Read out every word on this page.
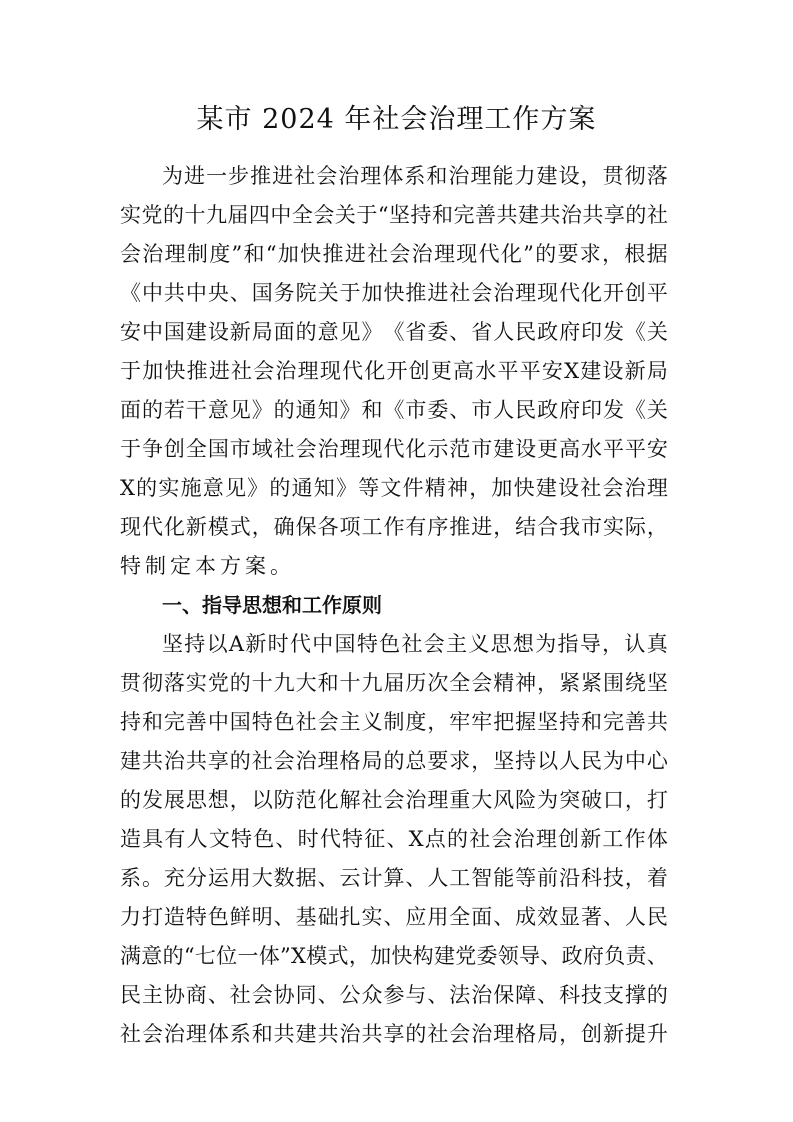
某市 2024 年社会治理工作方案
为 进 一 步 推 进 社 会 治 理 体 系 和 治 理 能 力 建 设 ， 贯 彻 落
实 党 的 十 九 届 四 中 全 会 关 于 “ 坚 持 和 完 善 共 建 共 治 共 享 的 社
会 治 理 制 度 ” 和 “ 加 快 推 进 社 会 治 理 现 代 化 ” 的 要 求 ， 根 据
《 中 共 中 央 、 国 务 院 关 于 加 快 推 进 社 会 治 理 现 代 化 开 创 平
安 中 国 建 设 新 局 面 的 意 见 》 《 省 委 、 省 人 民 政 府 印 发 《 关
于 加 快 推 进 社 会 治 理 现 代 化 开 创 更 高 水 平 平 安 X 建 设 新 局
面 的 若 干 意 见 》 的 通 知 》 和 《 市 委 、 市 人 民 政 府 印 发 《 关
于 争 创 全 国 市 域 社 会 治 理 现 代 化 示 范 市 建 设 更 高 水 平 平 安
X 的 实 施 意 见 》 的 通 知 》 等 文 件 精 神 ， 加 快 建 设 社 会 治 理
现 代 化 新 模 式 ， 确 保 各 项 工 作 有 序 推 进 ， 结 合 我 市 实 际 ，
特 制 定 本 方 案 。
一、指导思想和工作原则
坚 持 以 A 新 时 代 中 国 特 色 社 会 主 义 思 想 为 指 导 ， 认 真
贯 彻 落 实 党 的 十 九 大 和 十 九 届 历 次 全 会 精 神 ， 紧 紧 围 绕 坚
持 和 完 善 中 国 特 色 社 会 主 义 制 度 ， 牢 牢 把 握 坚 持 和 完 善 共
建 共 治 共 享 的 社 会 治 理 格 局 的 总 要 求 ， 坚 持 以 人 民 为 中 心
的 发 展 思 想 ， 以 防 范 化 解 社 会 治 理 重 大 风 险 为 突 破 口 ， 打
造 具 有 人 文 特 色 、 时 代 特 征 、 X 点 的 社 会 治 理 创 新 工 作 体
系 。 充 分 运 用 大 数 据 、 云 计 算 、 人 工 智 能 等 前 沿 科 技 ， 着
力 打 造 特 色 鲜 明 、 基 础 扎 实 、 应 用 全 面 、 成 效 显 著 、 人 民
满 意 的 “ 七 位 一 体 ” X 模 式 ， 加 快 构 建 党 委 领 导 、 政 府 负 责 、
民 主 协 商 、 社 会 协 同 、 公 众 参 与 、 法 治 保 障 、 科 技 支 撑 的
社 会 治 理 体 系 和 共 建 共 治 共 享 的 社 会 治 理 格 局 ， 创 新 提 升
